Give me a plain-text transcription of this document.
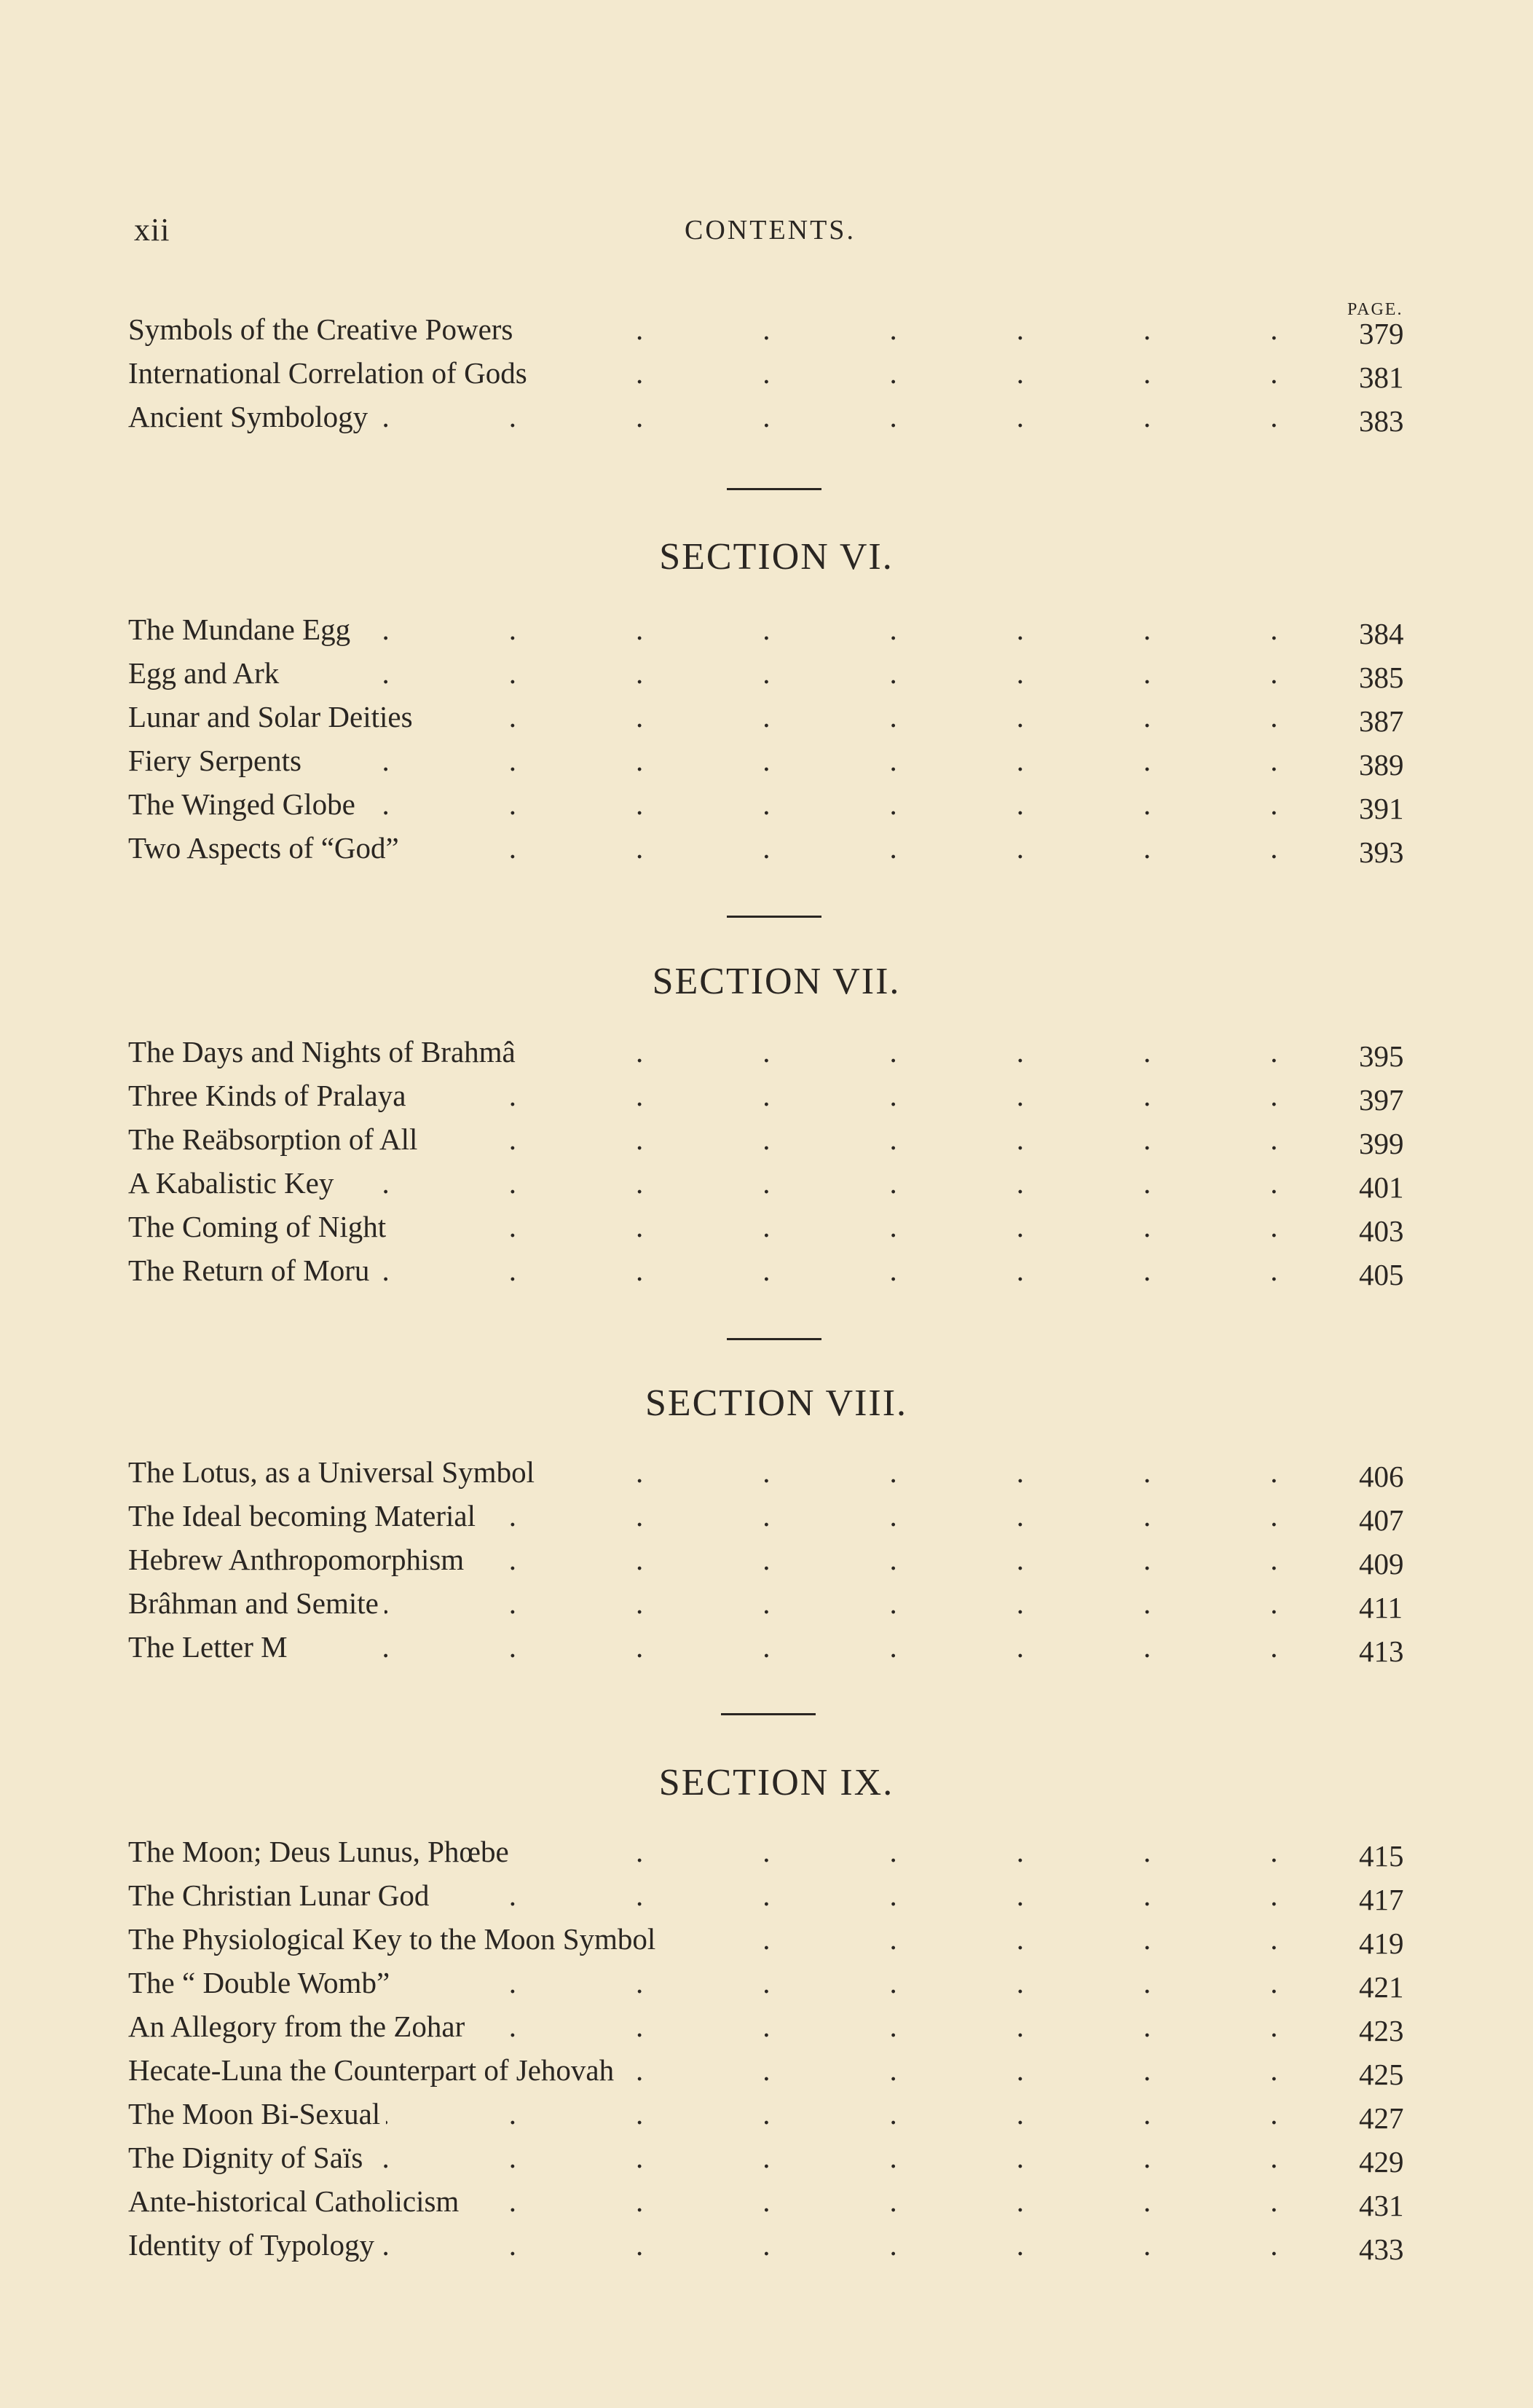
xii	CONTENTS.
PAGE.
.
Symbols of the Creative Powers	379
.
International Correlation of Gods	381
.
Ancient Symbology	383
SECTION VI.
.
The Mundane Egg	384
.
Egg and Ark	385
.
Lunar and Solar Deities	387
.
Fiery Serpents	389
.
The Winged Globe	391
.
Two Aspects of “God”	393
SECTION VII.
.
The Days and Nights of Brahmâ	395
.
Three Kinds of Pralaya	397
.
The Reäbsorption of All	399
.
A Kabalistic Key	401
.
The Coming of Night	403
.
The Return of Moru	405
SECTION VIII.
.
The Lotus, as a Universal Symbol	406
.
The Ideal becoming Material	407
.
Hebrew Anthropomorphism	409
.
Brâhman and Semite	411
.
The Letter M	413
SECTION IX.
.
The Moon; Deus Lunus, Phœbe	415
.
The Christian Lunar God	417
.
The Physiological Key to the Moon Symbol	419
.
The “ Double Womb”	421
.
An Allegory from the Zohar	423
.
Hecate-Luna the Counterpart of Jehovah	425
.
The Moon Bi-Sexual	427
.
The Dignity of Saïs	429
.
Ante-historical Catholicism	431
.
Identity of Typology	433
